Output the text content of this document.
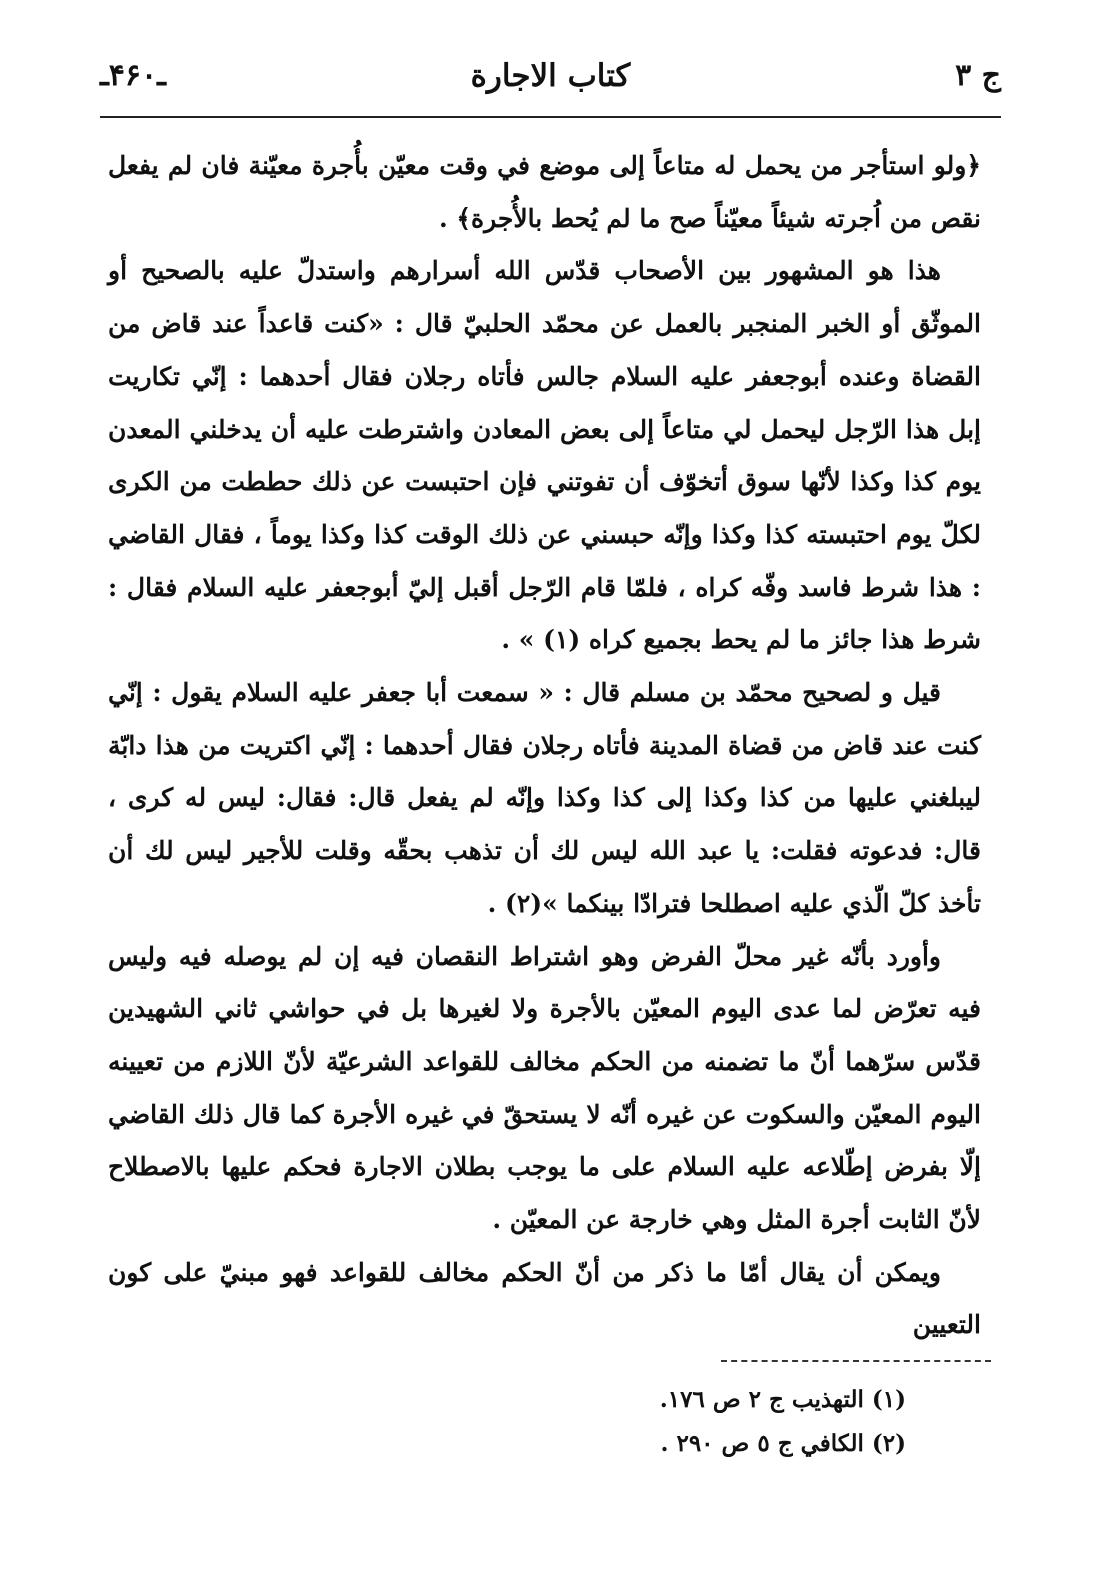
ـ۴۶۰ـ	كتاب الاجارة	ج ٣

﴿ولو استأجر من يحمل له متاعاً إلى موضع في وقت معيّن بأُجرة معيّنة فان لم يفعل نقص من اُجرته شيئاً معيّناً صح ما لم يُحط بالأُجرة﴾ .

هذا هو المشهور بين الأصحاب قدّس الله أسرارهم واستدلّ عليه بالصحيح أو الموثّق أو الخبر المنجبر بالعمل عن محمّد الحلبيّ قال : «كنت قاعداً عند قاض من القضاة وعنده أبوجعفر عليه السلام جالس فأتاه رجلان فقال أحدهما : إنّي تكاريت إبل هذا الرّجل ليحمل لي متاعاً إلى بعض المعادن واشترطت عليه أن يدخلني المعدن يوم كذا وكذا لأنّها سوق أتخوّف أن تفوتني فإن احتبست عن ذلك حططت من الكرى لكلّ يوم احتبسته كذا وكذا وإنّه حبسني عن ذلك الوقت كذا وكذا يوماً ، فقال القاضي : هذا شرط فاسد وفّه كراه ، فلمّا قام الرّجل أقبل إليّ أبوجعفر عليه السلام فقال : شرط هذا جائز ما لم يحط بجميع كراه (١) » .

قيل و لصحيح محمّد بن مسلم قال : « سمعت أبا جعفر عليه السلام يقول : إنّي كنت عند قاض من قضاة المدينة فأتاه رجلان فقال أحدهما : إنّي اكتريت من هذا دابّة ليبلغني عليها من كذا وكذا إلى كذا وكذا وإنّه لم يفعل قال: فقال: ليس له كرى ، قال: فدعوته فقلت: يا عبد الله ليس لك أن تذهب بحقّه وقلت للأجير ليس لك أن تأخذ كلّ الّذي عليه اصطلحا فترادّا بينكما »(٢) .

وأورد بأنّه غير محلّ الفرض وهو اشتراط النقصان فيه إن لم يوصله فيه وليس فيه تعرّض لما عدى اليوم المعيّن بالأجرة ولا لغيرها بل في حواشي ثاني الشهيدين قدّس سرّهما أنّ ما تضمنه من الحكم مخالف للقواعد الشرعيّة لأنّ اللازم من تعيينه اليوم المعيّن والسكوت عن غيره أنّه لا يستحقّ في غيره الأجرة كما قال ذلك القاضي إلّا بفرض إطّلاعه عليه السلام على ما يوجب بطلان الاجارة فحكم عليها بالاصطلاح لأنّ الثابت أجرة المثل وهي خارجة عن المعيّن .

ويمكن أن يقال أمّا ما ذكر من أنّ الحكم مخالف للقواعد فهو مبنيّ على كون التعيين

(١) التهذيب ج ٢ ص ١٧٦.

(٢) الكافي ج ٥ ص ٢٩٠ .
